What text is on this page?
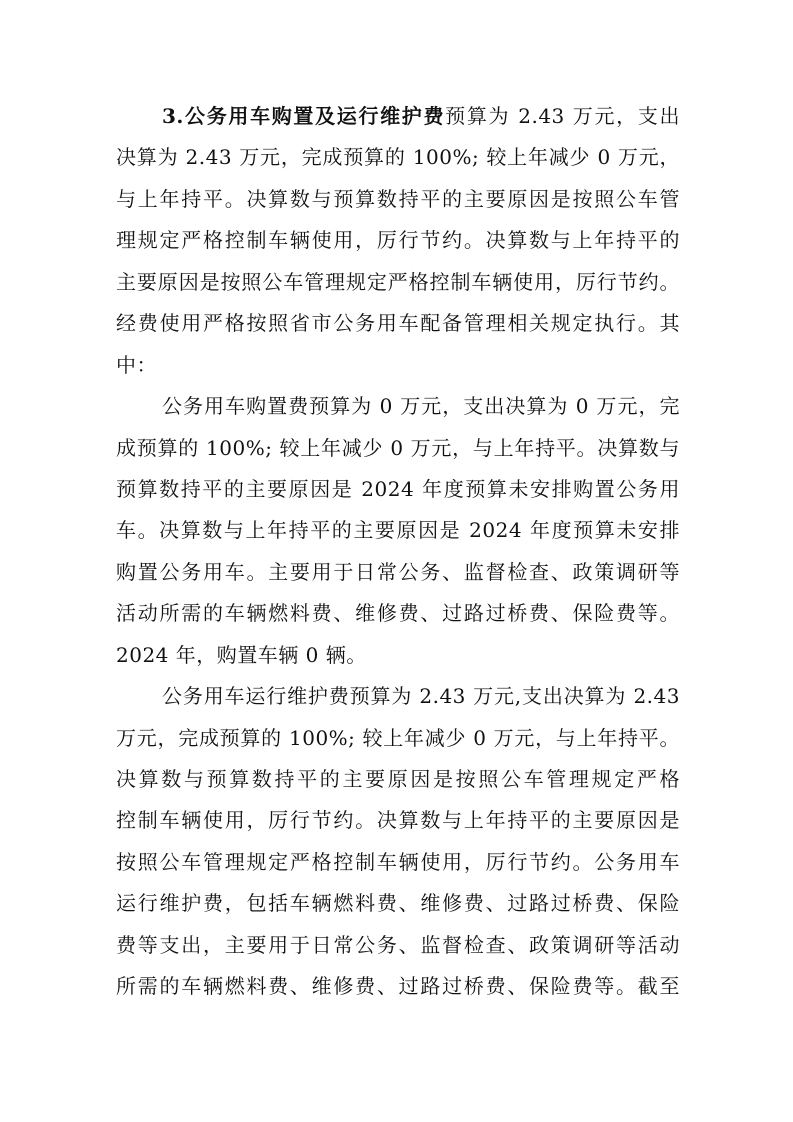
3.公务用车购置及运行维护费预算为 2.43 万元，支出
决算为 2.43 万元，完成预算的 100%; 较上年减少 0 万元，
与上年持平。决算数与预算数持平的主要原因是按照公车管
理规定严格控制车辆使用，厉行节约。决算数与上年持平的
主要原因是按照公车管理规定严格控制车辆使用，厉行节约。
经费使用严格按照省市公务用车配备管理相关规定执行。其
中：
公务用车购置费预算为 0 万元，支出决算为 0 万元，完
成预算的 100%; 较上年减少 0 万元，与上年持平。决算数与
预算数持平的主要原因是 2024 年度预算未安排购置公务用
车。决算数与上年持平的主要原因是 2024 年度预算未安排
购置公务用车。主要用于日常公务、监督检查、政策调研等
活动所需的车辆燃料费、维修费、过路过桥费、保险费等。
2024 年，购置车辆 0 辆。
公务用车运行维护费预算为 2.43 万元,支出决算为 2.43
万元，完成预算的 100%; 较上年减少 0 万元，与上年持平。
决算数与预算数持平的主要原因是按照公车管理规定严格
控制车辆使用，厉行节约。决算数与上年持平的主要原因是
按照公车管理规定严格控制车辆使用，厉行节约。公务用车
运行维护费，包括车辆燃料费、维修费、过路过桥费、保险
费等支出，主要用于日常公务、监督检查、政策调研等活动
所需的车辆燃料费、维修费、过路过桥费、保险费等。截至
